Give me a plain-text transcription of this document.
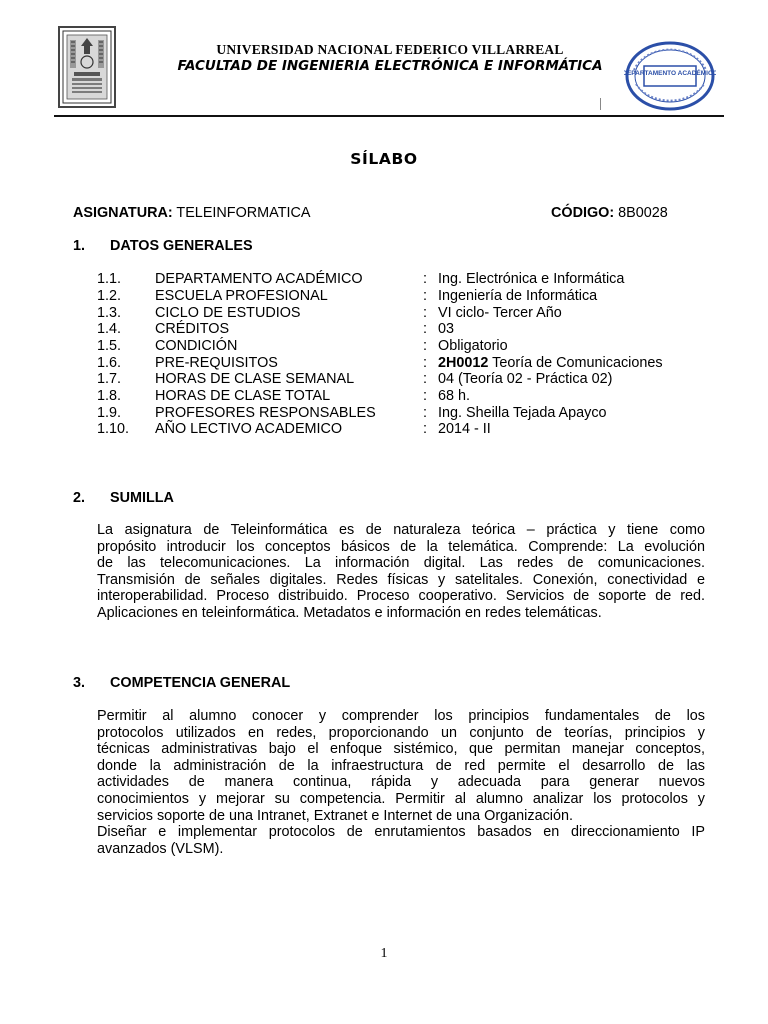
UNIVERSIDAD NACIONAL FEDERICO VILLARREAL
FACULTAD DE INGENIERIA ELECTRÓNICA E INFORMÁTICA	DEPARTAMENTO ACADÉMICO
SÍLABO
ASIGNATURA: TELEINFORMATICA	CÓDIGO: 8B0028
1. DATOS GENERALES
1.1. DEPARTAMENTO ACADÉMICO	: Ing. Electrónica e Informática
1.2. ESCUELA PROFESIONAL	: Ingeniería de Informática
1.3. CICLO DE ESTUDIOS	: VI ciclo- Tercer Año
1.4. CRÉDITOS	: 03
1.5. CONDICIÓN	: Obligatorio
1.6. PRE-REQUISITOS	: 2H0012 Teoría de Comunicaciones
1.7. HORAS DE CLASE SEMANAL	: 04 (Teoría 02 - Práctica 02)
1.8. HORAS DE CLASE TOTAL	: 68 h.
1.9. PROFESORES RESPONSABLES	: Ing. Sheilla Tejada Apayco
1.10. AÑO LECTIVO ACADEMICO	: 2014 - II
2. SUMILLA
La asignatura de Teleinformática es de naturaleza teórica – práctica y tiene como
propósito introducir los conceptos básicos de la telemática. Comprende: La evolución
de las telecomunicaciones. La información digital. Las redes de comunicaciones.
Transmisión de señales digitales. Redes físicas y satelitales. Conexión, conectividad e
interoperabilidad. Proceso distribuido. Proceso cooperativo. Servicios de soporte de red.
Aplicaciones en teleinformática. Metadatos e información en redes telemáticas.
3. COMPETENCIA GENERAL
Permitir al alumno conocer y comprender los principios fundamentales de los
protocolos utilizados en redes, proporcionando un conjunto de teorías, principios y
técnicas administrativas bajo el enfoque sistémico, que permitan manejar conceptos,
donde la administración de la infraestructura de red permite el desarrollo de las
actividades de manera continua, rápida y adecuada para generar nuevos
conocimientos y mejorar su competencia. Permitir al alumno analizar los protocolos y
servicios soporte de una Intranet, Extranet e Internet de una Organización.
Diseñar e implementar protocolos de enrutamientos basados en direccionamiento IP
avanzados (VLSM).
1
